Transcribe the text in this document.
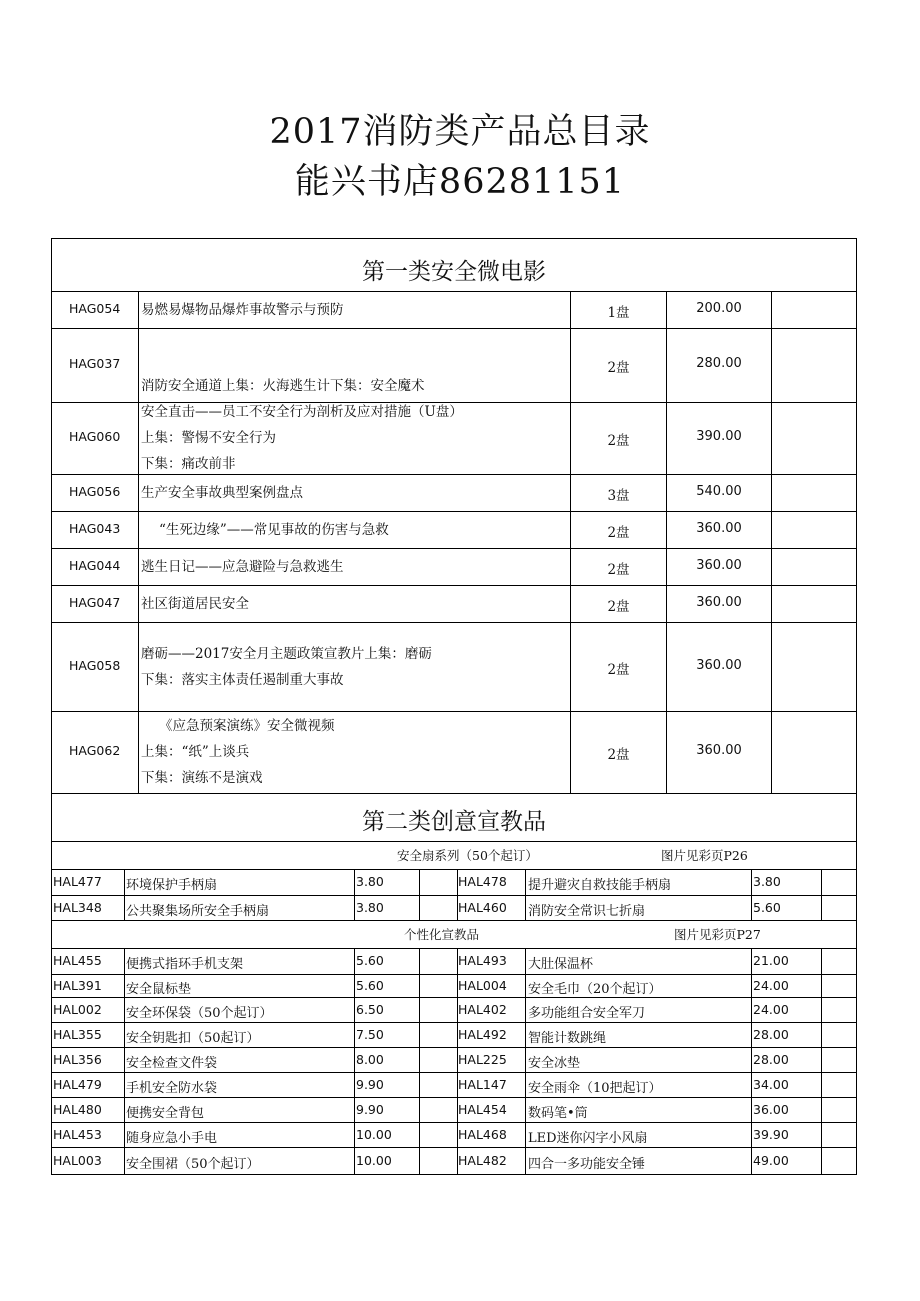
2017消防类产品总目录
能兴书店86281151
第一类安全微电影
HAG054 易燃易爆物品爆炸事故警示与预防	1盘	200.00
HAG037
消防安全通道上集：火海逃生计下集：安全魔术
2盘	280.00
HAG060
安全直击——员工不安全行为剖析及应对措施（U盘）
上集：警惕不安全行为
下集：痛改前非
2盘	390.00
HAG056 生产安全事故典型案例盘点	3盘	540.00
HAG043	“生死边缘”——常见事故的伤害与急救	2盘	360.00
HAG044 逃生日记——应急避险与急救逃生	2盘	360.00
HAG047 社区街道居民安全	2盘	360.00
HAG058
磨砺——2017安全月主题政策宣教片上集：磨砺
下集：落实主体责任遏制重大事故
2盘	360.00
HAG062
《应急预案演练》安全微视频
上集：“纸”上谈兵
下集：演练不是演戏
2盘	360.00
第二类创意宣教品
安全扇系列（50个起订）	图片见彩页P26
HAL477 环境保护手柄扇	3.80	HAL478 提升避灾自救技能手柄扇	3.80
HAL348 公共聚集场所安全手柄扇	3.80	HAL460 消防安全常识七折扇	5.60
个性化宣教品	图片见彩页P27
HAL455 便携式指环手机支架	5.60	HAL493 大肚保温杯	21.00
HAL391 安全鼠标垫	5.60	HAL004 安全毛巾（20个起订）	24.00
HAL002 安全环保袋（50个起订）	6.50	HAL402 多功能组合安全军刀	24.00
HAL355 安全钥匙扣（50起订）	7.50	HAL492 智能计数跳绳	28.00
HAL356 安全检查文件袋	8.00	HAL225 安全冰垫	28.00
HAL479 手机安全防水袋	9.90	HAL147 安全雨伞（10把起订）	34.00
HAL480 便携安全背包	9.90	HAL454 数码笔•筒	36.00
HAL453 随身应急小手电	10.00	HAL468 LED迷你闪字小风扇	39.90
HAL003 安全围裙（50个起订）	10.00	HAL482 四合一多功能安全锤	49.00
